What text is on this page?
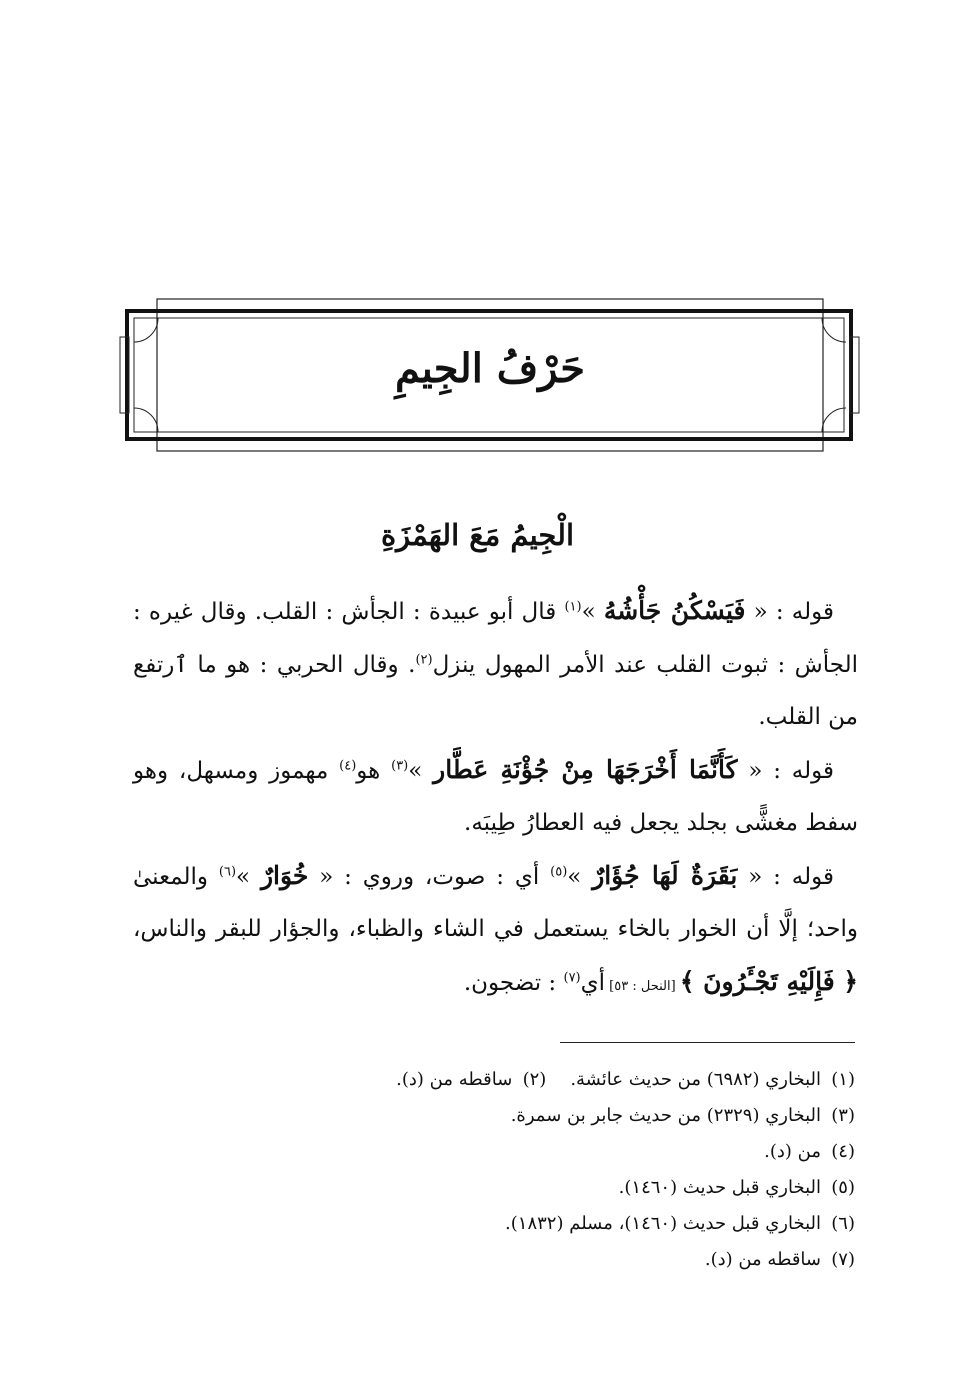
حَرْفُ الجِيمِ
الْجِيمُ مَعَ الهَمْزَةِ

قوله : « فَيَسْكُنُ جَأْشُهُ »$^{(١)}$ قال أبو عبيدة : الجأش : القلب. وقال غيره : الجأش : ثبوت القلب عند الأمر المهول ينزل$^{(٢)}$. وقال الحربي : هو ما ٱرتفع من القلب.

قوله : « كَأَنَّمَا أَخْرَجَهَا مِنْ جُؤْنَةِ عَطَّار »$^{(٣)}$ هو$^{(٤)}$ مهموز ومسهل، وهو سفط مغشًّى بجلد يجعل فيه العطارُ طِيبَه.

قوله : « بَقَرَةٌ لَهَا جُؤَارٌ »$^{(٥)}$ أي : صوت، وروي : « خُوَارٌ »$^{(٦)}$ والمعنىٰ واحد؛ إلَّا أن الخوار بالخاء يستعمل في الشاء والظباء، والجؤار للبقر والناس، ﴿ فَإِلَيْهِ تَجْـَٔرُونَ ﴾ [النحل : ٥٣] أي$^{(٧)}$ : تضجون.

(١)البخاري (٦٩٨٢) من حديث عائشة.(٢)ساقطه من (د).
(٣)البخاري (٢٣٢٩) من حديث جابر بن سمرة.
(٤)من (د).
(٥)البخاري قبل حديث (١٤٦٠).
(٦)البخاري قبل حديث (١٤٦٠)، مسلم (١٨٣٢).
(٧)ساقطه من (د).
